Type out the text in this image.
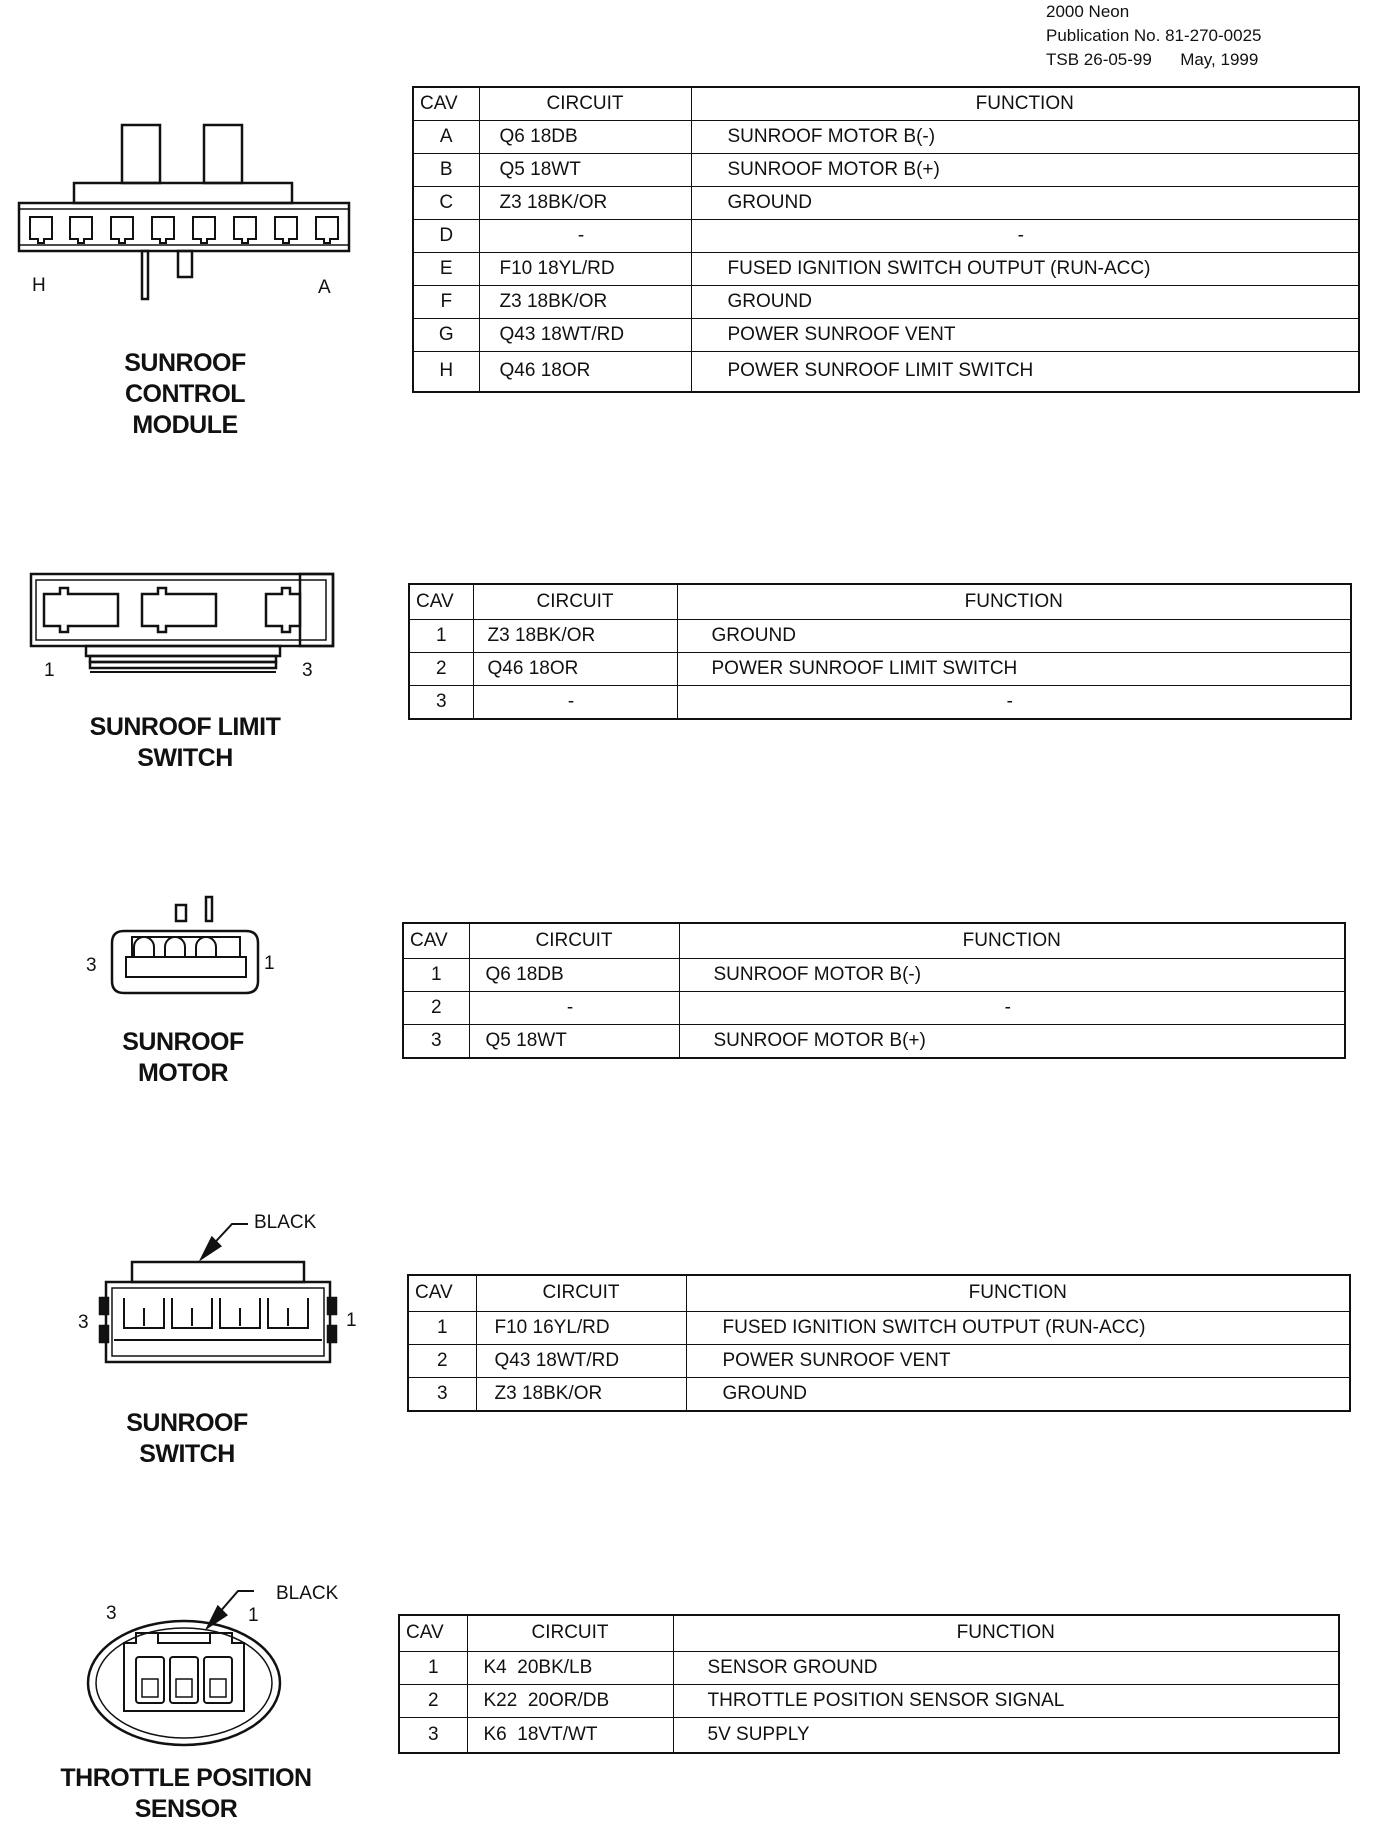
2000 Neon
Publication No. 81-270-0025
TSB 26-05-99 May, 1999
H	A
SUNROOF
CONTROL
MODULE
CAV	CIRCUIT	FUNCTION
A	Q6 18DB	SUNROOF MOTOR B(-)
B	Q5 18WT	SUNROOF MOTOR B(+)
C	Z3 18BK/OR	GROUND
D	-	-
E	F10 18YL/RD	FUSED IGNITION SWITCH OUTPUT (RUN-ACC)
F	Z3 18BK/OR	GROUND
G	Q43 18WT/RD	POWER SUNROOF VENT
H	Q46 18OR	POWER SUNROOF LIMIT SWITCH
1	3
SUNROOF LIMIT
SWITCH
CAV	CIRCUIT	FUNCTION
1	Z3 18BK/OR	GROUND
2	Q46 18OR	POWER SUNROOF LIMIT SWITCH
3	-	-
3	1
SUNROOF
MOTOR
CAV	CIRCUIT	FUNCTION
1	Q6 18DB	SUNROOF MOTOR B(-)
2	-	-
3	Q5 18WT	SUNROOF MOTOR B(+)
BLACK
3	1
SUNROOF
SWITCH
CAV	CIRCUIT	FUNCTION
1	F10 16YL/RD	FUSED IGNITION SWITCH OUTPUT (RUN-ACC)
2	Q43 18WT/RD	POWER SUNROOF VENT
3	Z3 18BK/OR	GROUND
BLACK
3	1
THROTTLE POSITION
SENSOR
CAV	CIRCUIT	FUNCTION
1	K4  20BK/LB	SENSOR GROUND
2	K22  20OR/DB	THROTTLE POSITION SENSOR SIGNAL
3	K6  18VT/WT	5V SUPPLY
